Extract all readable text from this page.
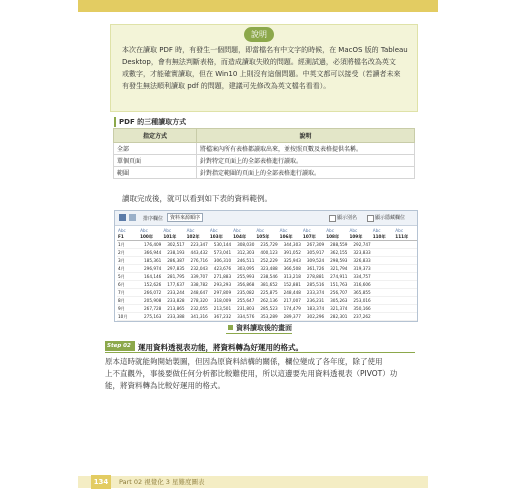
說明
本次在讀取 PDF 時，有發生一個問題，即當檔名有中文字的時候，在 MacOS 版的 Tableau
Desktop，會有無法判斷表格，而造成讀取失敗的問題。經測試過，必須將檔名改為英文
或數字，才能確實讀取，但在 Win10 上則沒有這個問題。中英文都可以接受（若讀者未來
有發生無法順利讀取 pdf 的問題，建議可先修改為英文檔名看看）。
PDF 的三種讀取方式
指定方式	說明
全部	將檔案內所有表格都讀取出來，並按照頁數及表格提供名稱。
單個頁面	針對特定頁面上的全部表格進行讀取。
範圍	針對指定範圍的頁面上的全部表格進行讀取。
讀取完成後，就可以看到如下表的資料範例。
排序欄位	資料來源順序	顯示別名	顯示隱藏欄位
Abc	Abc	Abc	Abc	Abc	Abc	Abc	Abc	Abc	Abc	Abc	Abc	Abc
F1	100年	101年	102年	103年	104年	105年	106年	107年	108年	109年	110年	111年
1月	176,409	302,517	223,347	530,144	308,030	235,729	344,303	267,309	288,559	292,747		
2月	366,944	238,193	443,432	573,041	312,303	400,123	391,052	305,917	362,155	323,833		
3月	185,361	286,387	276,716	306,310	246,511	252,229	325,943	309,524	298,593	326,833		
4月	296,974	297,835	232,043	423,676	303,095	323,488	366,508	361,726	321,794	319,373		
5月	164,146	281,795	339,707	271,883	255,993	238,546	313,218	278,881	274,911	334,757		
6月	152,626	177,637	338,782	293,293	356,868	381,652	152,881	285,516	151,763	316,606		
7月	266,072	233,244	248,647	297,809	235,082	225,875	248,448	233,374	256,707	365,855		
8月	205,908	233,828	278,320	318,009	255,647	262,136	217,007	236,231	305,263	253,016		
9月	267,728	213,865	232,055	213,501	231,803	285,523	174,479	183,374	321,374	350,166		
10月	275,163	233,388	341,316	367,232	334,576	353,289	289,377	302,296	282,301	237,262		

資料讀取後的畫面
Step 02 運用資料透視表功能，將資料轉為好運用的格式。
原本這時就能夠開始製圖，但因為原資料結構的關係，欄位變成了各年度，除了使用
上不直觀外，事後要做任何分析都比較難使用，所以這邊要先用資料透視表（PIVOT）功
能，將資料轉為比較好運用的格式。
134	Part 02 視覺化 3 星難度圖表
